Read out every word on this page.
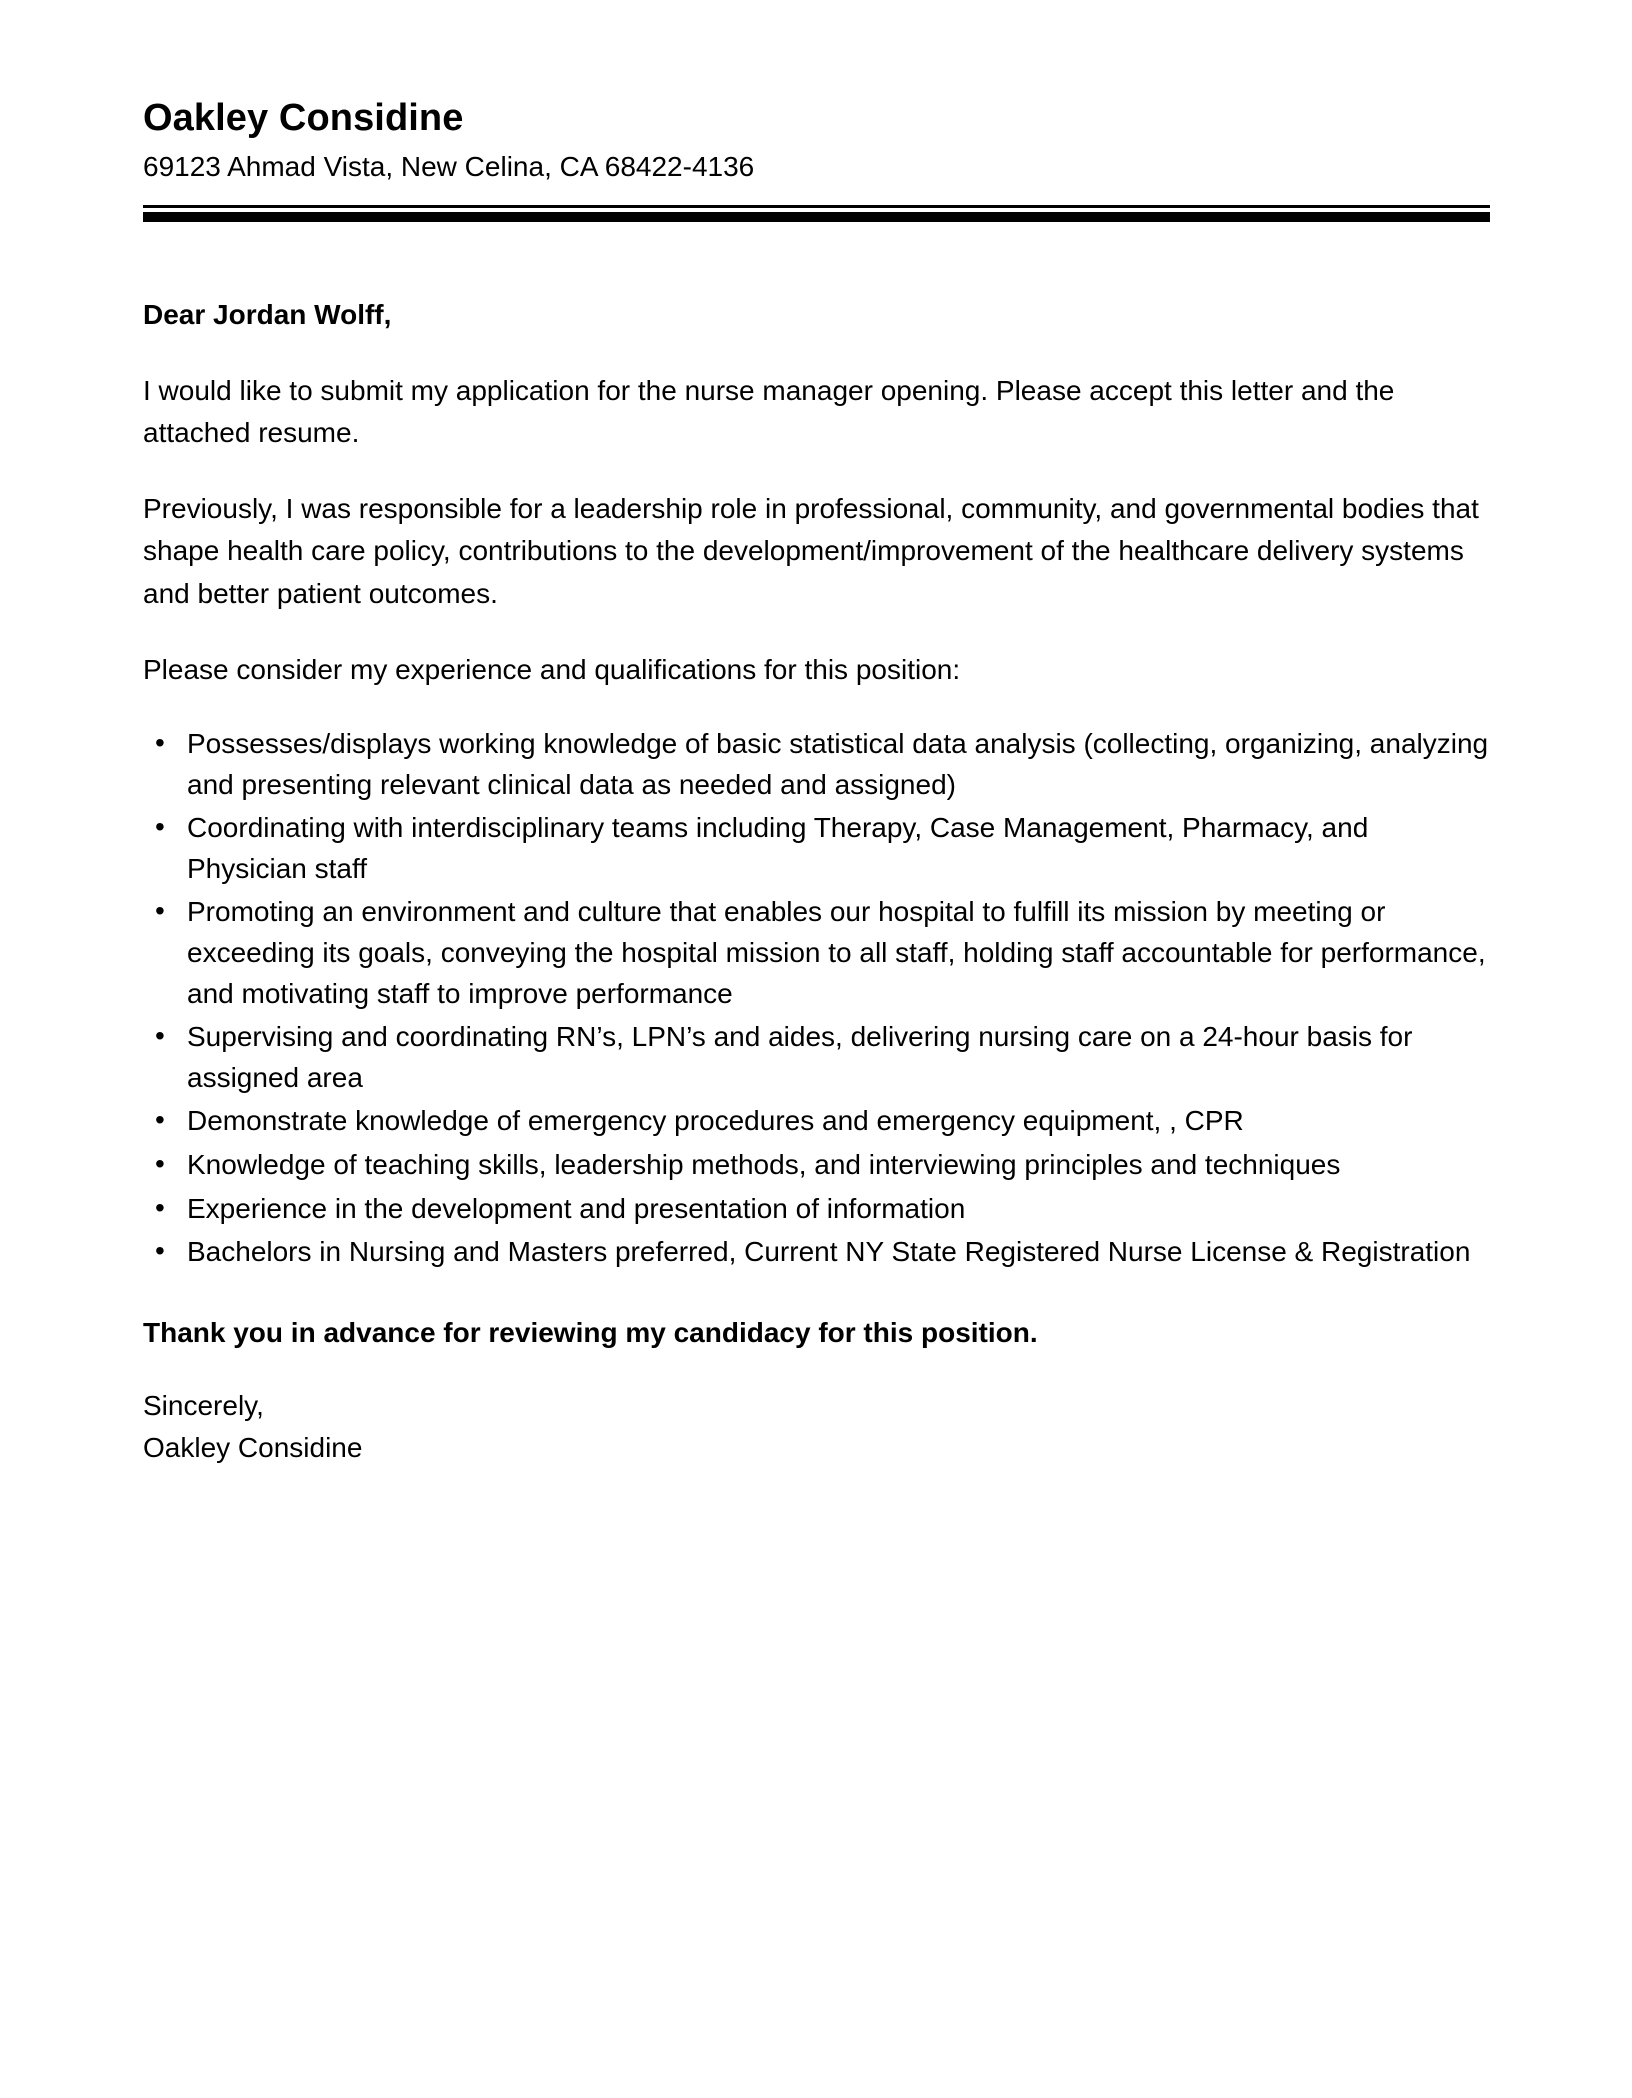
Oakley Considine
69123 Ahmad Vista, New Celina, CA 68422-4136

Dear Jordan Wolff,

I would like to submit my application for the nurse manager opening. Please accept this letter and the attached resume.

Previously, I was responsible for a leadership role in professional, community, and governmental bodies that shape health care policy, contributions to the development/improvement of the healthcare delivery systems and better patient outcomes.

Please consider my experience and qualifications for this position:

• Possesses/displays working knowledge of basic statistical data analysis (collecting, organizing, analyzing and presenting relevant clinical data as needed and assigned)
• Coordinating with interdisciplinary teams including Therapy, Case Management, Pharmacy, and Physician staff
• Promoting an environment and culture that enables our hospital to fulfill its mission by meeting or exceeding its goals, conveying the hospital mission to all staff, holding staff accountable for performance, and motivating staff to improve performance
• Supervising and coordinating RN’s, LPN’s and aides, delivering nursing care on a 24-hour basis for assigned area
• Demonstrate knowledge of emergency procedures and emergency equipment, , CPR
• Knowledge of teaching skills, leadership methods, and interviewing principles and techniques
• Experience in the development and presentation of information
• Bachelors in Nursing and Masters preferred, Current NY State Registered Nurse License & Registration

Thank you in advance for reviewing my candidacy for this position.

Sincerely,
Oakley Considine
